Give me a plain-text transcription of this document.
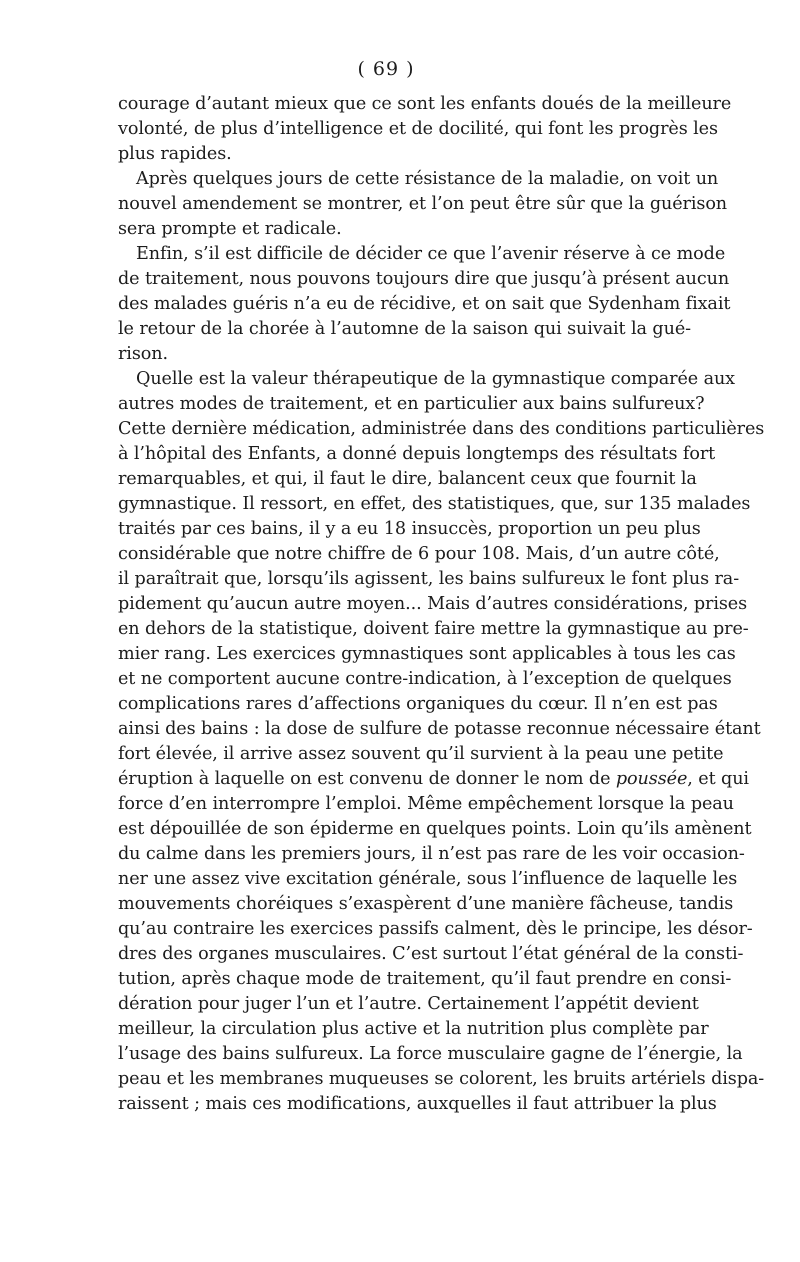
( 69 )
courage d’autant mieux que ce sont les enfants doués de la meilleure
volonté, de plus d’intelligence et de docilité, qui font les progrès les
plus rapides.
Après quelques jours de cette résistance de la maladie, on voit un
nouvel amendement se montrer, et l’on peut être sûr que la guérison
sera prompte et radicale.
Enfin, s’il est difficile de décider ce que l’avenir réserve à ce mode
de traitement, nous pouvons toujours dire que jusqu’à présent aucun
des malades guéris n’a eu de récidive, et on sait que Sydenham fixait
le retour de la chorée à l’automne de la saison qui suivait la gué-
rison.
Quelle est la valeur thérapeutique de la gymnastique comparée aux
autres modes de traitement, et en particulier aux bains sulfureux?
Cette dernière médication, administrée dans des conditions particulières
à l’hôpital des Enfants, a donné depuis longtemps des résultats fort
remarquables, et qui, il faut le dire, balancent ceux que fournit la
gymnastique. Il ressort, en effet, des statistiques, que, sur 135 malades
traités par ces bains, il y a eu 18 insuccès, proportion un peu plus
considérable que notre chiffre de 6 pour 108. Mais, d’un autre côté,
il paraîtrait que, lorsqu’ils agissent, les bains sulfureux le font plus ra-
pidement qu’aucun autre moyen... Mais d’autres considérations, prises
en dehors de la statistique, doivent faire mettre la gymnastique au pre-
mier rang. Les exercices gymnastiques sont applicables à tous les cas
et ne comportent aucune contre-indication, à l’exception de quelques
complications rares d’affections organiques du cœur. Il n’en est pas
ainsi des bains : la dose de sulfure de potasse reconnue nécessaire étant
fort élevée, il arrive assez souvent qu’il survient à la peau une petite
éruption à laquelle on est convenu de donner le nom de poussée, et qui
force d’en interrompre l’emploi. Même empêchement lorsque la peau
est dépouillée de son épiderme en quelques points. Loin qu’ils amènent
du calme dans les premiers jours, il n’est pas rare de les voir occasion-
ner une assez vive excitation générale, sous l’influence de laquelle les
mouvements choréiques s’exaspèrent d’une manière fâcheuse, tandis
qu’au contraire les exercices passifs calment, dès le principe, les désor-
dres des organes musculaires. C’est surtout l’état général de la consti-
tution, après chaque mode de traitement, qu’il faut prendre en consi-
dération pour juger l’un et l’autre. Certainement l’appétit devient
meilleur, la circulation plus active et la nutrition plus complète par
l’usage des bains sulfureux. La force musculaire gagne de l’énergie, la
peau et les membranes muqueuses se colorent, les bruits artériels dispa-
raissent ; mais ces modifications, auxquelles il faut attribuer la plus
